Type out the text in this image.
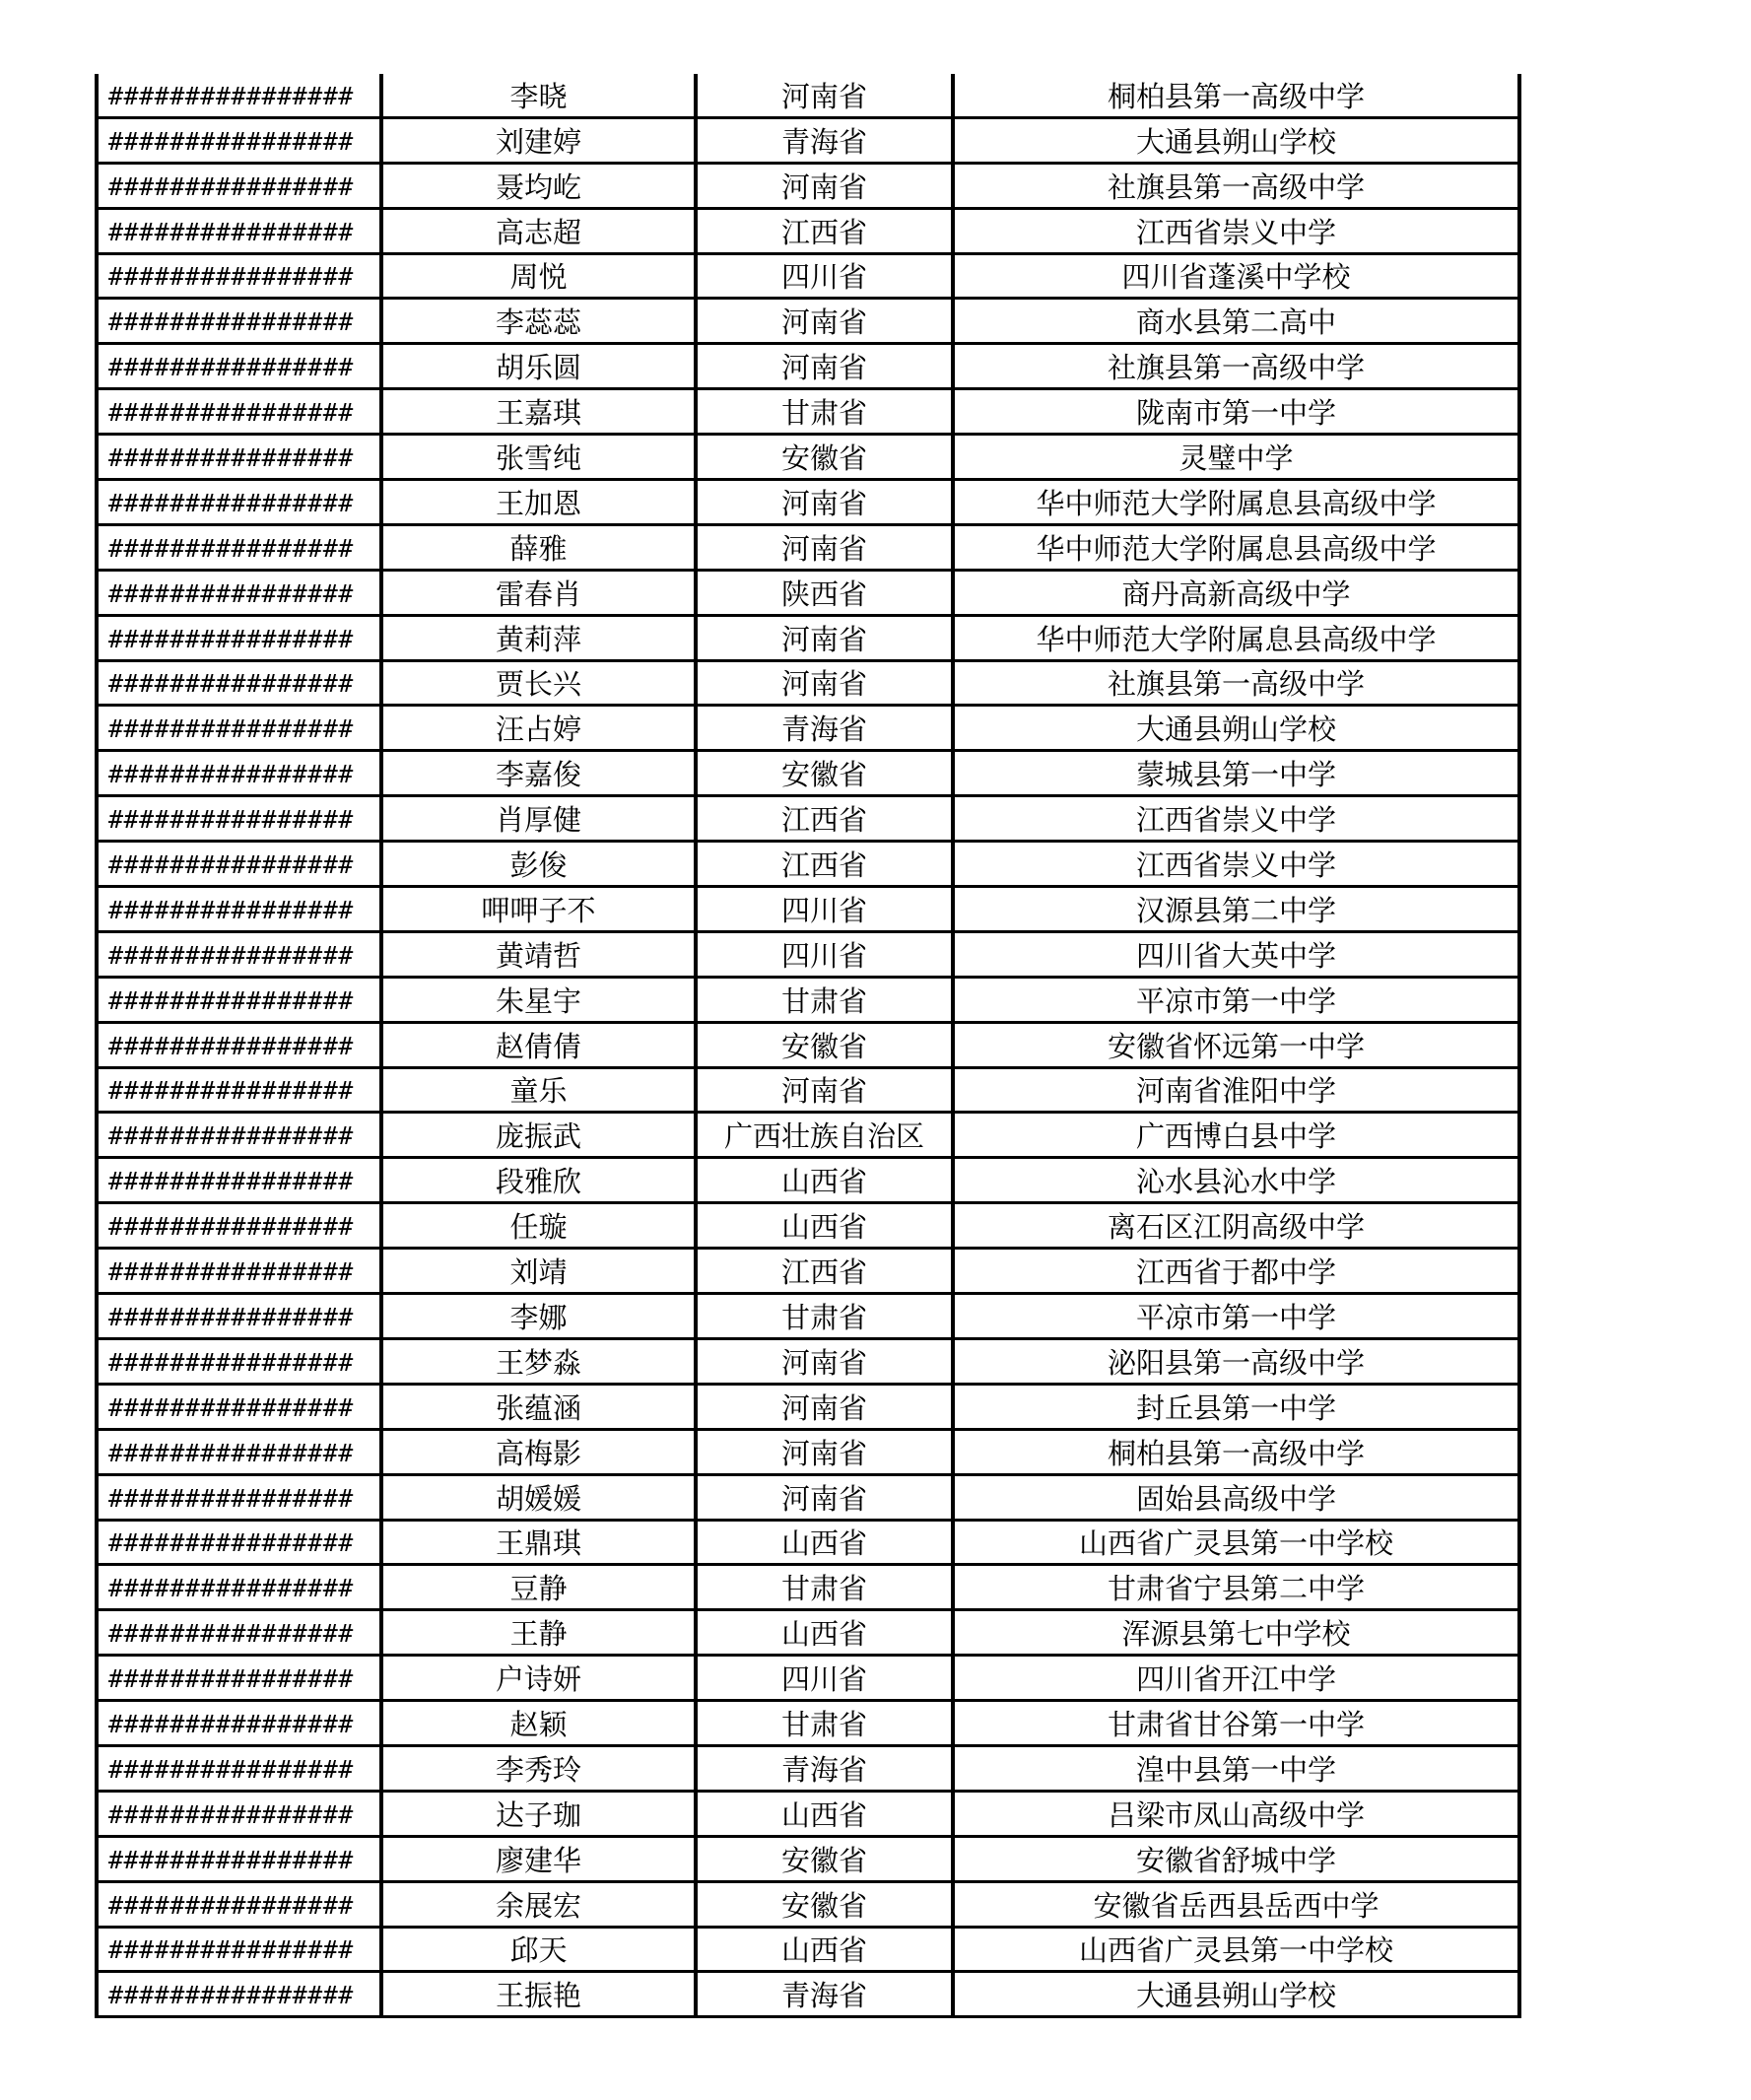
################	李晓	河南省	桐柏县第一高级中学
################	刘建婷	青海省	大通县朔山学校
################	聂均屹	河南省	社旗县第一高级中学
################	高志超	江西省	江西省崇义中学
################	周悦	四川省	四川省蓬溪中学校
################	李蕊蕊	河南省	商水县第二高中
################	胡乐圆	河南省	社旗县第一高级中学
################	王嘉琪	甘肃省	陇南市第一中学
################	张雪纯	安徽省	灵璧中学
################	王加恩	河南省	华中师范大学附属息县高级中学
################	薛雅	河南省	华中师范大学附属息县高级中学
################	雷春肖	陕西省	商丹高新高级中学
################	黄莉萍	河南省	华中师范大学附属息县高级中学
################	贾长兴	河南省	社旗县第一高级中学
################	汪占婷	青海省	大通县朔山学校
################	李嘉俊	安徽省	蒙城县第一中学
################	肖厚健	江西省	江西省崇义中学
################	彭俊	江西省	江西省崇义中学
################	呷呷子不	四川省	汉源县第二中学
################	黄靖哲	四川省	四川省大英中学
################	朱星宇	甘肃省	平凉市第一中学
################	赵倩倩	安徽省	安徽省怀远第一中学
################	童乐	河南省	河南省淮阳中学
################	庞振武	广西壮族自治区	广西博白县中学
################	段雅欣	山西省	沁水县沁水中学
################	任璇	山西省	离石区江阴高级中学
################	刘靖	江西省	江西省于都中学
################	李娜	甘肃省	平凉市第一中学
################	王梦淼	河南省	泌阳县第一高级中学
################	张蕴涵	河南省	封丘县第一中学
################	高梅影	河南省	桐柏县第一高级中学
################	胡媛媛	河南省	固始县高级中学
################	王鼎琪	山西省	山西省广灵县第一中学校
################	豆静	甘肃省	甘肃省宁县第二中学
################	王静	山西省	浑源县第七中学校
################	户诗妍	四川省	四川省开江中学
################	赵颖	甘肃省	甘肃省甘谷第一中学
################	李秀玲	青海省	湟中县第一中学
################	达子珈	山西省	吕梁市凤山高级中学
################	廖建华	安徽省	安徽省舒城中学
################	余展宏	安徽省	安徽省岳西县岳西中学
################	邱天	山西省	山西省广灵县第一中学校
################	王振艳	青海省	大通县朔山学校
